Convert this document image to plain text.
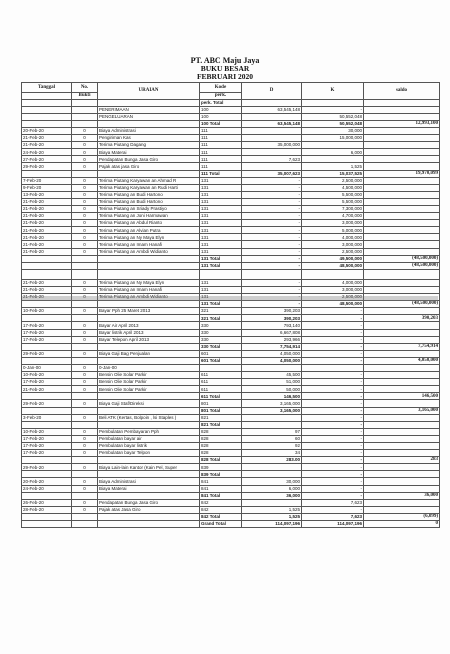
PT. ABC Maju Jaya
BUKU BESAR
FEBRUARI 2020
Tanggal	No.	URAIAN	Kode	D	K	saldo
	Bukti		perk.			
			perk. Total			
		PENERIMAAN	100	63,545,148	-	
		PENGELUARAN	100		50,552,048	
			100 Total	63,545,148	50,552,048	12,993,100
20-Feb-20	0	Biaya Administrasi	111		30,000	
21-Feb-20	0	Pengiriman Kas	111		15,000,000	
21-Feb-20	0	Terima Piutang Dagang	111	35,000,000		
24-Feb-20	0	Biaya Materai	111		6,000	
27-Feb-20	0	Pendapatan Bunga Jasa Giro	111	7,623		
29-Feb-20	0	Pajak atas jasa Giro	111		1,525	
			111 Total	35,007,623	15,037,525	19,970,099
7-Feb-20	0	Terima Piutang Karyawan an Ahmad R	131	-	2,500,000	
9-Feb-20	0	Terima Piutang Karyawan an Rudi Harti	131	-	4,500,000	
13-Feb-20	0	Terima Piutang an Budi Hartono	131	-	5,500,000	
21-Feb-20	0	Terima Piutang an Budi Hartono	131	-	5,500,000	
21-Feb-20	0	Terima Piutang an Sriady Prastiyo	131	-	7,300,000	
21-Feb-20	0	Terima Piutang an Joni Harmawan	131	-	4,700,000	
21-Feb-20	0	Terima Piutang an Abdul Rianto	131	-	3,000,000	
21-Feb-20	0	Terima Piutang an Alvian Putra	131	-	5,000,000	
21-Feb-20	0	Terima Piutang an Ny Maya Elyn	131	-	4,000,000	
21-Feb-20	0	Terima Piutang an Imam Hanafi	131	-	3,000,000	
21-Feb-20	0	Terima Piutang an Ambdi Widianto	131	-	2,500,000	
			131 Total	-	49,500,000	(48,500,000)
			131 Total	-	48,500,000	(48,500,000)

21-Feb-20	0	Terima Piutang an Ny Maya Elyn	131	-	4,000,000	
21-Feb-20	0	Terima Piutang an Imam Hanafi	131	-	3,000,000	
21-Feb-20	0	Terima Piutang an Ambdi Widianto	131	-	2,500,000	
			131 Total	-	48,500,000	(48,500,000)
10-Feb-20	0	Bayar Pph 25 Maret 2013	321	390,203	-	
			321 Total	390,203	-	390,203
17-Feb-20	0	Bayar Air April 2013	330	793,140	-	
17-Feb-20	0	Bayar listrik April 2013	330	6,667,808	-	
17-Feb-20	0	Bayar Telepon April 2013	330	293,966	-	
			330 Total	7,754,914	-	7,754,914
29-Feb-20	0	Biaya Gaji Bag Penjualan	601	4,050,000	-	
			601 Total	4,050,000	-	4,050,000
0-Jan-00	0	0-Jan-00				
10-Feb-20	0	Bensin Olie Solar Parkir	611	45,500	-	
17-Feb-20	0	Bensin Olie Solar Parkir	611	51,000	-	
21-Feb-20	0	Bensin Olie Solar Parkir	611	50,000	-	
			611 Total	146,500	-	146,500
29-Feb-20	0	Biaya Gaji Staf/Direksi	801	3,165,000	-	
			801 Total	3,165,000	-	3,165,000
3-Feb-20	0	Beli ATK (Kertas, Bolpoin , lsi Staples )	821		-	
			821 Total		-	
10-Feb-20	0	Pembulatan Pembayaran Pph	828	97	-	
17-Feb-20	0	Pembulatan bayar air	828	60	-	
17-Feb-20	0	Pembulatan bayar listrik	828	92	-	
17-Feb-20	0	Pembulatan bayar Telpon	828	34	-	
			828 Total	283.00	-	283
29-Feb-20	0	Biaya Lain-lain Kantor (Kain Pel, Super	839		-	
			839 Total		-	
20-Feb-20	0	Biaya Administrasi	841	30,000	-	
24-Feb-20	0	Biaya Materai	841	6,000	-	
			841 Total	36,000	-	36,000
26-Feb-20	0	Pendapatan Bunga Jasa Giro	842		7,623	
28-Feb-20	0	Pajak atas Jasa Giro	842	1,525	-	
			842 Total	1,525	7,623	(6,099)
			Grand Total	114,097,196	114,097,196	0
